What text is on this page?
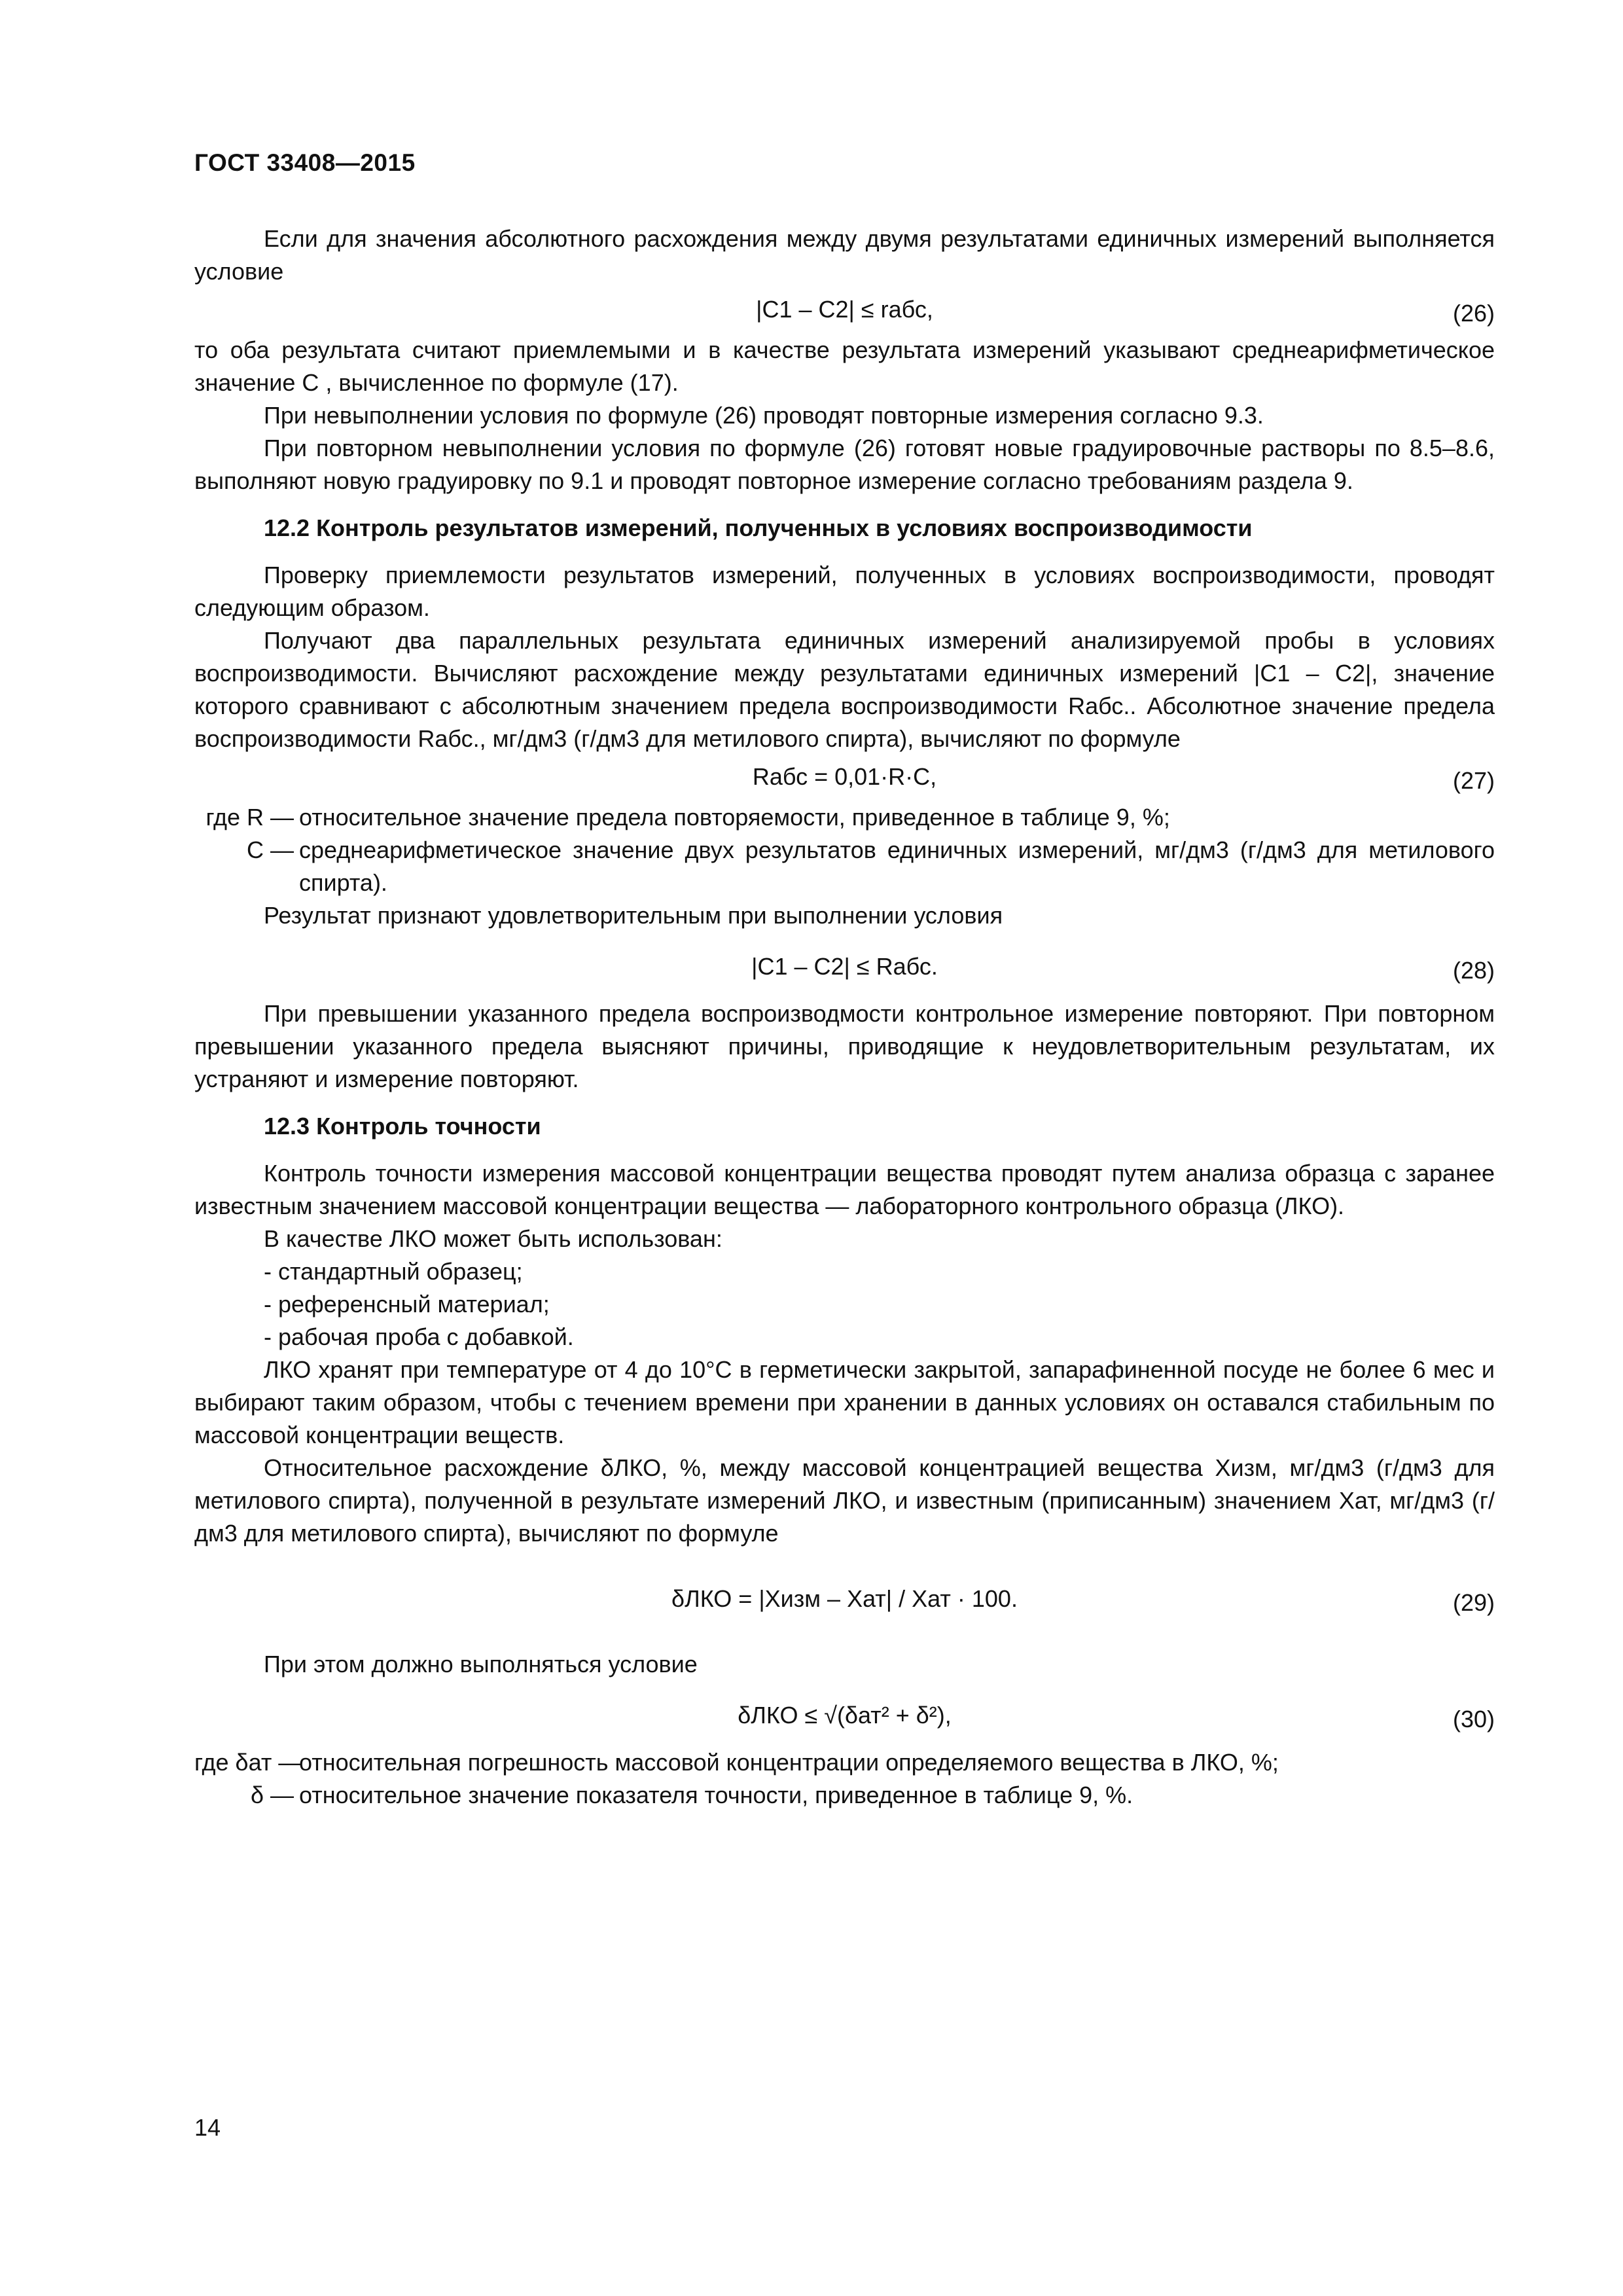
ГОСТ 33408—2015

Если для значения абсолютного расхождения между двумя результатами единичных измерений выполняется условие

|C1 – C2| ≤ rабс,	(26)

то оба результата считают приемлемыми и в качестве результата измерений указывают среднеарифметическое значение C , вычисленное по формуле (17).

При невыполнении условия по формуле (26) проводят повторные измерения согласно 9.3.

При повторном невыполнении условия по формуле (26) готовят новые градуировочные растворы по 8.5–8.6, выполняют новую градуировку по 9.1 и проводят повторное измерение согласно требованиям раздела 9.

12.2 Контроль результатов измерений, полученных в условиях воспроизводимости

Проверку приемлемости результатов измерений, полученных в условиях воспроизводимости, проводят следующим образом.

Получают два параллельных результата единичных измерений анализируемой пробы в условиях воспроизводимости. Вычисляют расхождение между результатами единичных измерений |C1 – C2|, значение которого сравнивают с абсолютным значением предела воспроизводимости Rабс.. Абсолютное значение предела воспроизводимости Rабс., мг/дм3 (г/дм3 для метилового спирта), вычисляют по формуле

Rабс = 0,01·R·C,	(27)
где R — относительное значение предела повторяемости, приведенное в таблице 9, %;
C — среднеарифметическое значение двух результатов единичных измерений, мг/дм3 (г/дм3 для метилового спирта).

Результат признают удовлетворительным при выполнении условия

|C1 – C2| ≤ Rабс.	(28)

При превышении указанного предела воспроизводмости контрольное измерение повторяют. При повторном превышении указанного предела выясняют причины, приводящие к неудовлетворительным результатам, их устраняют и измерение повторяют.

12.3 Контроль точности

Контроль точности измерения массовой концентрации вещества проводят путем анализа образца с заранее известным значением массовой концентрации вещества — лабораторного контрольного образца (ЛКО).

В качестве ЛКО может быть использован:

- стандартный образец;

- референсный материал;

- рабочая проба с добавкой.

ЛКО хранят при температуре от 4 до 10°С в герметически закрытой, запарафиненной посуде не более 6 мес и выбирают таким образом, чтобы с течением времени при хранении в данных условиях он оставался стабильным по массовой концентрации веществ.

Относительное расхождение δЛКО, %, между массовой концентрацией вещества Xизм, мг/дм3 (г/дм3 для метилового спирта), полученной в результате измерений ЛКО, и известным (приписанным) значением Xат, мг/дм3 (г/дм3 для метилового спирта), вычисляют по формуле

δЛКО = |Xизм – Xат| / Xат · 100.	(29)

При этом должно выполняться условие

δЛКО ≤ √(δат² + δ²),	(30)
где δат —
относительная погрешность массовой концентрации определяемого вещества в ЛКО, %;
δ — относительное значение показателя точности, приведенное в таблице 9, %.
14
